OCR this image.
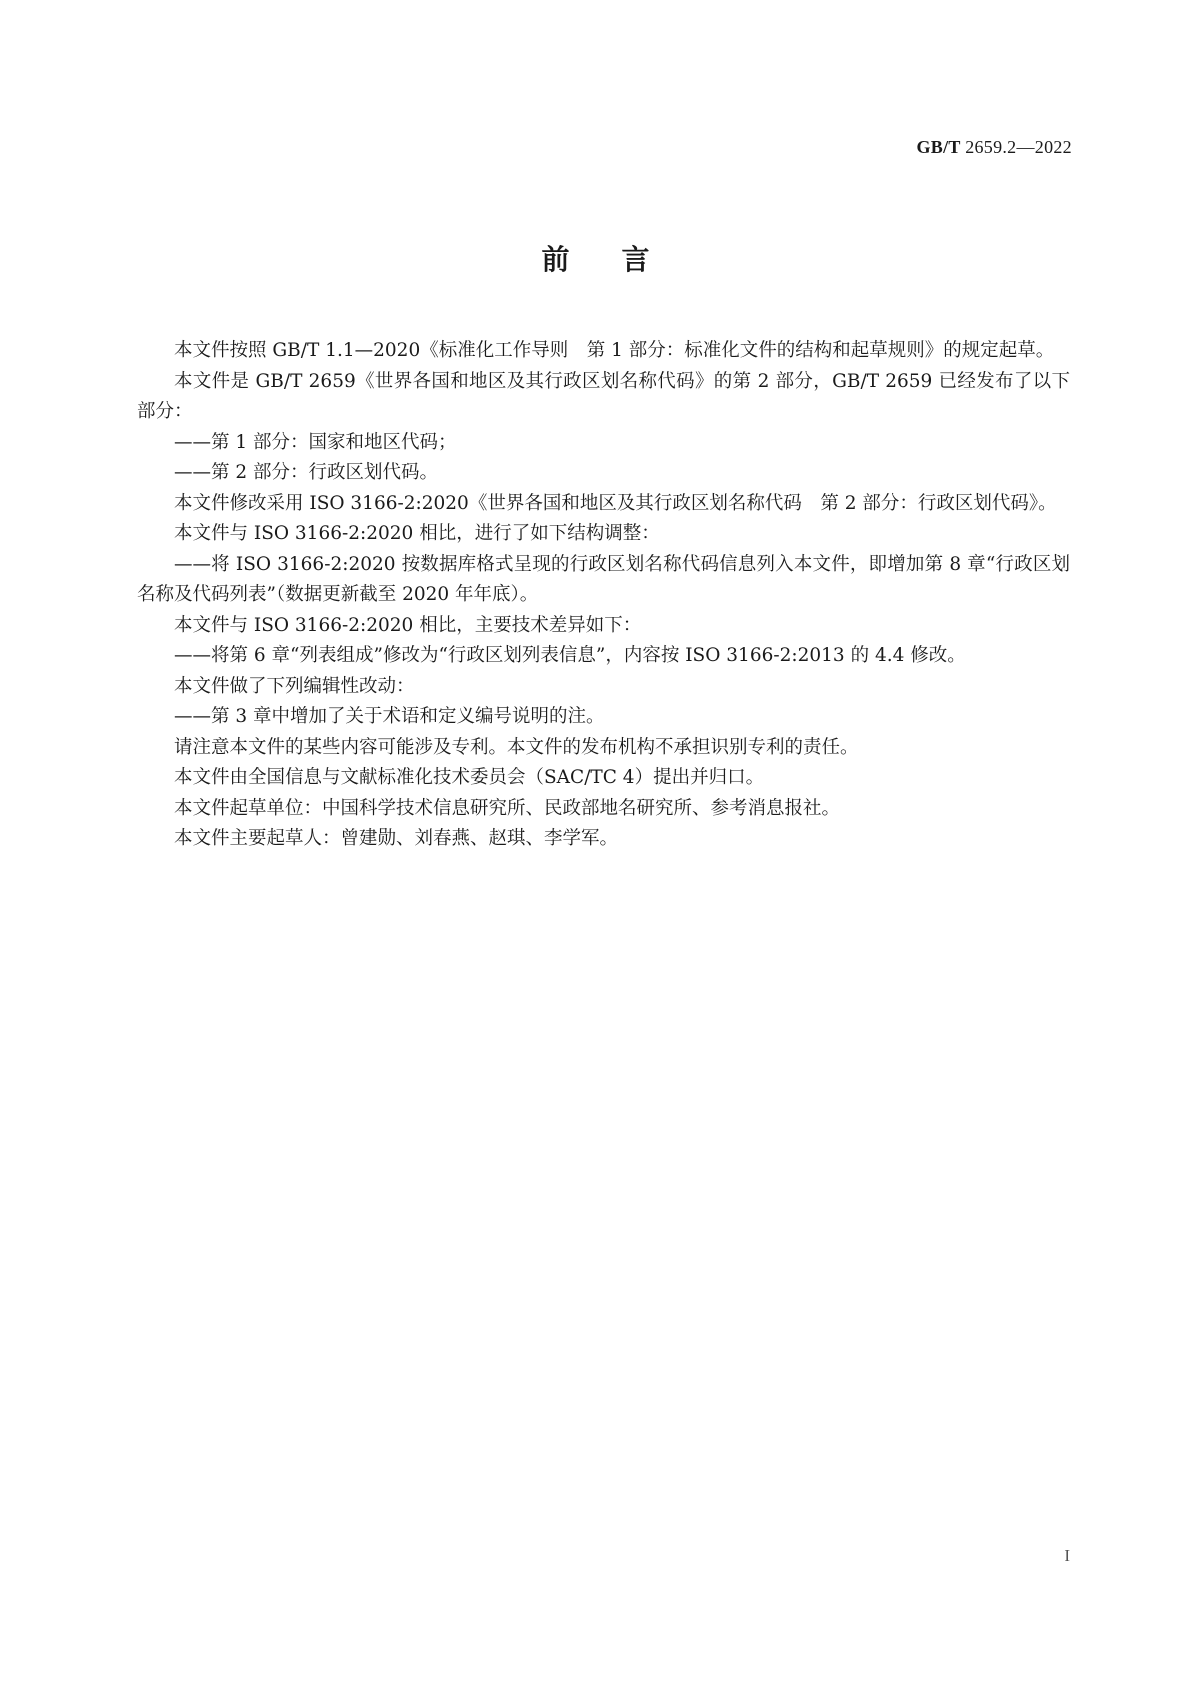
GB/T 2659.2—2022
前言

本文件按照 GB/T 1.1—2020《标准化工作导则　第 1 部分：标准化文件的结构和起草规则》的规定起草。

本文件是 GB/T 2659《世界各国和地区及其行政区划名称代码》的第 2 部分，GB/T 2659 已经发布了以下部分：

——第 1 部分：国家和地区代码；

——第 2 部分：行政区划代码。

本文件修改采用 ISO 3166-2:2020《世界各国和地区及其行政区划名称代码　第 2 部分：行政区划代码》。

本文件与 ISO 3166-2:2020 相比，进行了如下结构调整：

——将 ISO 3166-2:2020 按数据库格式呈现的行政区划名称代码信息列入本文件，即增加第 8 章“行政区划名称及代码列表”（数据更新截至 2020 年年底）。

本文件与 ISO 3166-2:2020 相比，主要技术差异如下：

——将第 6 章“列表组成”修改为“行政区划列表信息”，内容按 ISO 3166-2:2013 的 4.4 修改。

本文件做了下列编辑性改动：

——第 3 章中增加了关于术语和定义编号说明的注。

请注意本文件的某些内容可能涉及专利。本文件的发布机构不承担识别专利的责任。

本文件由全国信息与文献标准化技术委员会（SAC/TC 4）提出并归口。

本文件起草单位：中国科学技术信息研究所、民政部地名研究所、参考消息报社。

本文件主要起草人：曾建勋、刘春燕、赵琪、李学军。

I
